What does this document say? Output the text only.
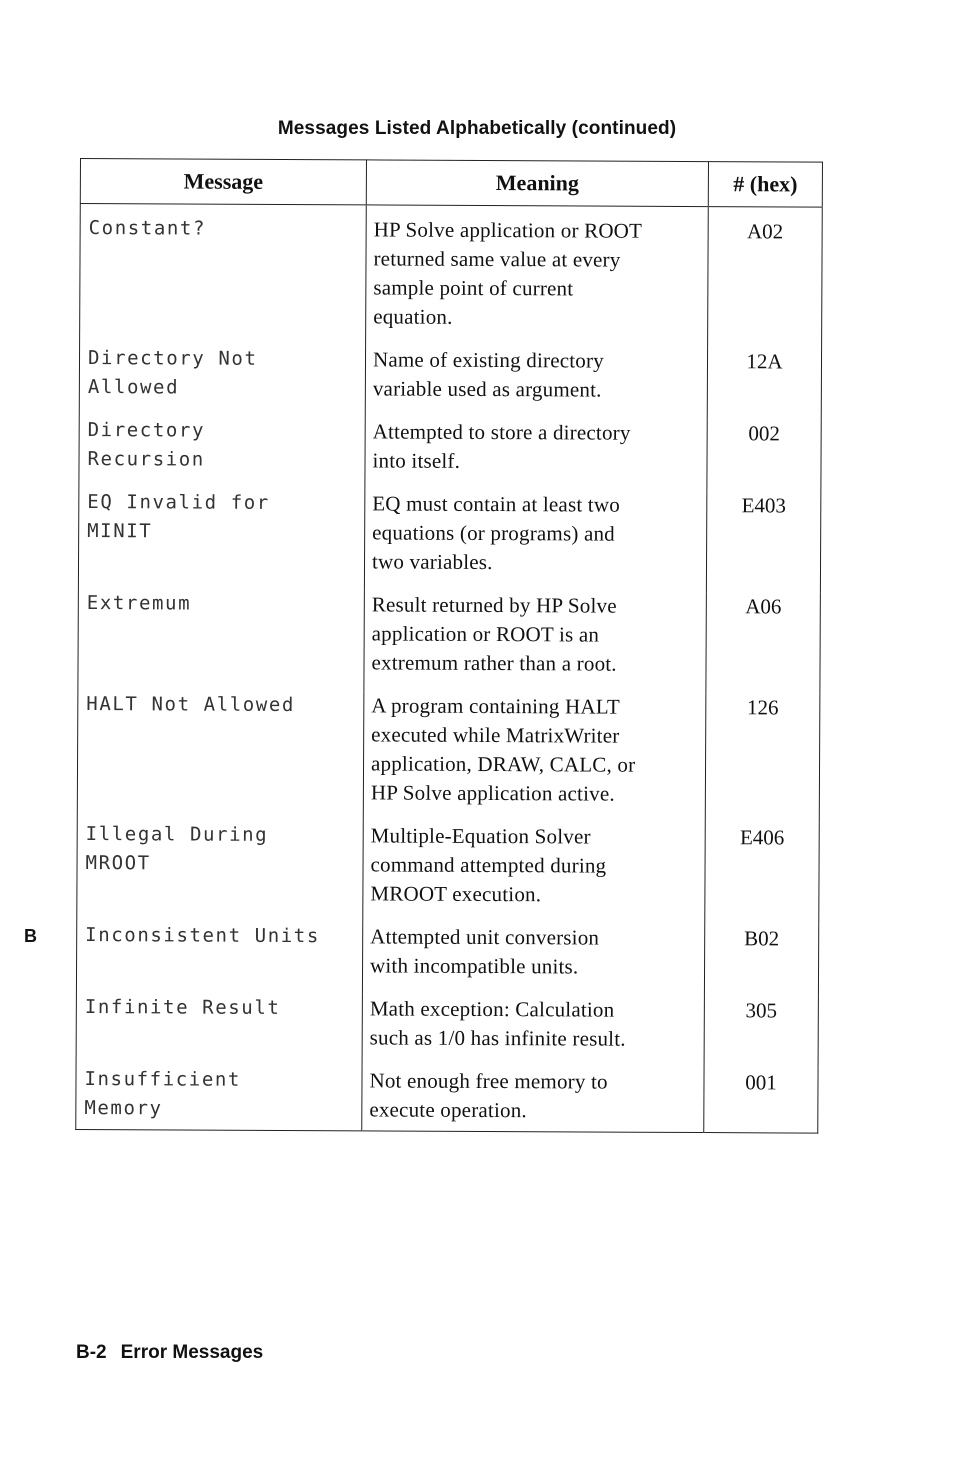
Messages Listed Alphabetically (continued)
Message	Meaning	# (hex)
Constant?	HP Solve application or ROOT
returned same value at every
sample point of current
equation.	A02
Directory Not
Allowed	Name of existing directory
variable used as argument.	12A
Directory
Recursion	Attempted to store a directory
into itself.	002
EQ Invalid for
MINIT	EQ must contain at least two
equations (or programs) and
two variables.	E403
Extremum	Result returned by HP Solve
application or ROOT is an
extremum rather than a root.	A06
HALT Not Allowed	A program containing HALT
executed while MatrixWriter
application, DRAW, CALC, or
HP Solve application active.	126
Illegal During
MROOT	Multiple-Equation Solver
command attempted during
MROOT execution.	E406
Inconsistent Units	Attempted unit conversion
with incompatible units.	B02
Infinite Result	Math exception: Calculation
such as 1/0 has infinite result.	305
Insufficient
Memory	Not enough free memory to
execute operation.	001
B
B-2 Error Messages
